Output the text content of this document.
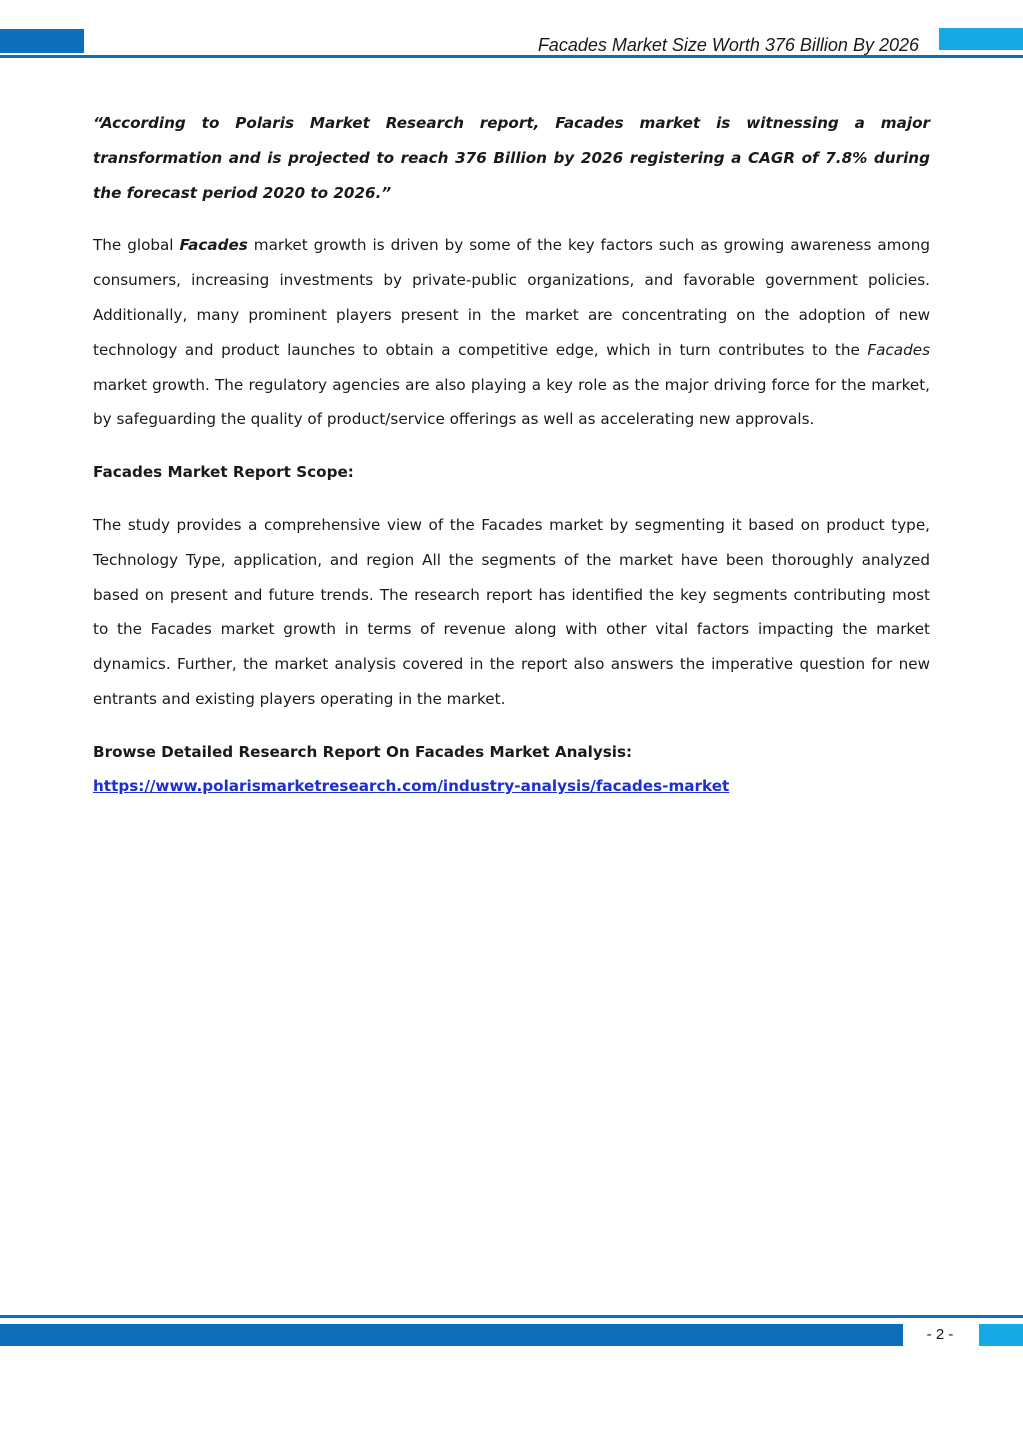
Facades Market Size Worth 376 Billion By 2026

“According to Polaris Market Research report, Facades market is witnessing a major transformation and is projected to reach 376 Billion by 2026 registering a CAGR of 7.8% during the forecast period 2020 to 2026.”

The global Facades market growth is driven by some of the key factors such as growing awareness among consumers, increasing investments by private-public organizations, and favorable government policies. Additionally, many prominent players present in the market are concentrating on the adoption of new technology and product launches to obtain a competitive edge, which in turn contributes to the Facades market growth. The regulatory agencies are also playing a key role as the major driving force for the market, by safeguarding the quality of product/service offerings as well as accelerating new approvals.

Facades Market Report Scope:

The study provides a comprehensive view of the Facades market by segmenting it based on product type, Technology Type, application, and region All the segments of the market have been thoroughly analyzed based on present and future trends. The research report has identified the key segments contributing most to the Facades market growth in terms of revenue along with other vital factors impacting the market dynamics. Further, the market analysis covered in the report also answers the imperative question for new entrants and existing players operating in the market.

Browse Detailed Research Report On Facades Market Analysis:

https://www.polarismarketresearch.com/industry-analysis/facades-market
- 2 -
